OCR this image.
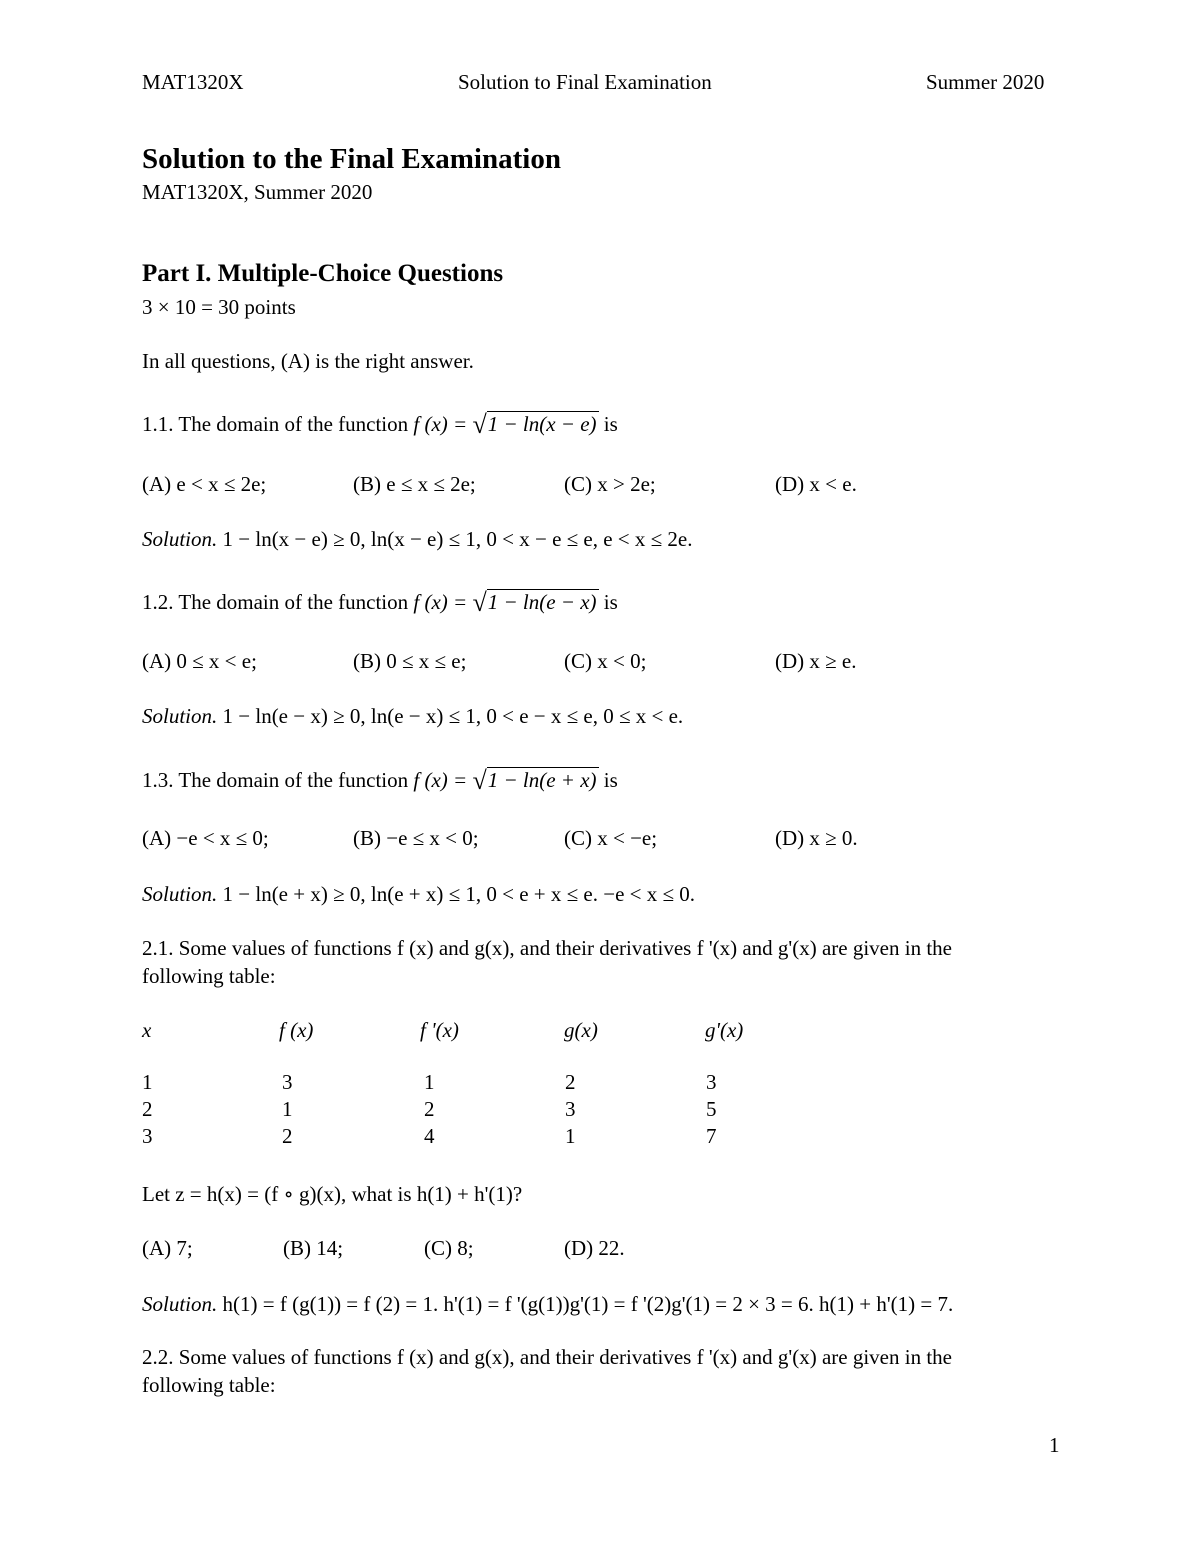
MAT1320X	Solution to Final Examination	Summer 2020
Solution to the Final Examination
MAT1320X, Summer 2020
Part I. Multiple-Choice Questions
3 × 10 = 30 points
In all questions, (A) is the right answer.
1.1. The domain of the function f (x) = √1 − ln(x − e) is
(A) e < x ≤ 2e;	(B) e ≤ x ≤ 2e;	(C) x > 2e;	(D) x < e.
Solution. 1 − ln(x − e) ≥ 0, ln(x − e) ≤ 1, 0 < x − e ≤ e, e < x ≤ 2e.
1.2. The domain of the function f (x) = √1 − ln(e − x) is
(A) 0 ≤ x < e;	(B) 0 ≤ x ≤ e;	(C) x < 0;	(D) x ≥ e.
Solution. 1 − ln(e − x) ≥ 0, ln(e − x) ≤ 1, 0 < e − x ≤ e, 0 ≤ x < e.
1.3. The domain of the function f (x) = √1 − ln(e + x) is
(A) −e < x ≤ 0;	(B) −e ≤ x < 0;	(C) x < −e;	(D) x ≥ 0.
Solution. 1 − ln(e + x) ≥ 0, ln(e + x) ≤ 1, 0 < e + x ≤ e. −e < x ≤ 0.
2.1. Some values of functions f (x) and g(x), and their derivatives f '(x) and g'(x) are given in the
following table:
x	f (x)	f '(x)	g(x)	g'(x)
1	3	1	2	3
2	1	2	3	5
3	2	4	1	7
Let z = h(x) = (f ∘ g)(x), what is h(1) + h'(1)?
(A) 7;	(B) 14;	(C) 8;	(D) 22.
Solution. h(1) = f (g(1)) = f (2) = 1. h'(1) = f '(g(1))g'(1) = f '(2)g'(1) = 2 × 3 = 6. h(1) + h'(1) = 7.
2.2. Some values of functions f (x) and g(x), and their derivatives f '(x) and g'(x) are given in the
following table:
1
